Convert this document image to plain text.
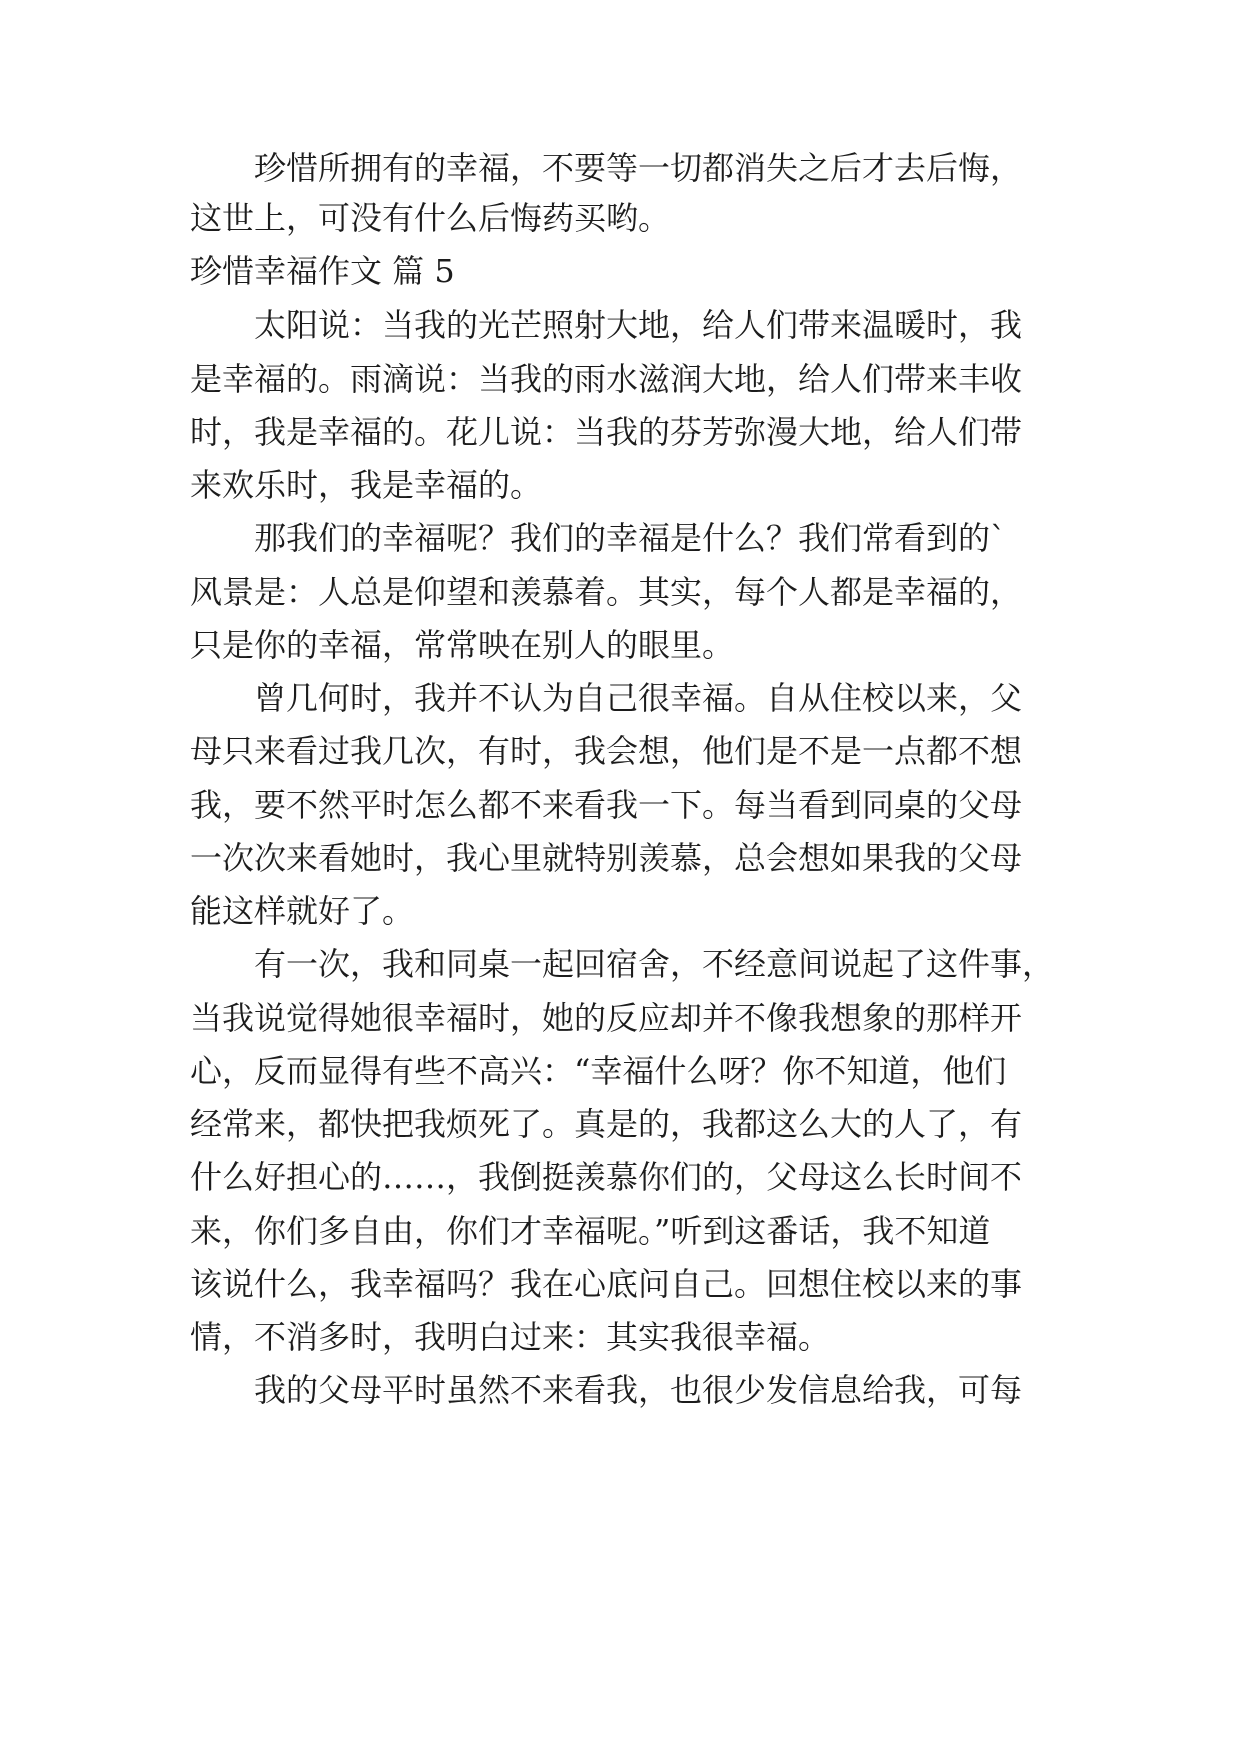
珍惜所拥有的幸福，不要等一切都消失之后才去后悔，
这世上，可没有什么后悔药买哟。
珍惜幸福作文 篇 5
太阳说：当我的光芒照射大地，给人们带来温暖时，我
是幸福的。雨滴说：当我的雨水滋润大地，给人们带来丰收
时，我是幸福的。花儿说：当我的芬芳弥漫大地，给人们带
来欢乐时，我是幸福的。
那我们的幸福呢？我们的幸福是什么？我们常看到的`
风景是：人总是仰望和羡慕着。其实，每个人都是幸福的，
只是你的幸福，常常映在别人的眼里。
曾几何时，我并不认为自己很幸福。自从住校以来，父
母只来看过我几次，有时，我会想，他们是不是一点都不想
我，要不然平时怎么都不来看我一下。每当看到同桌的父母
一次次来看她时，我心里就特别羡慕，总会想如果我的父母
能这样就好了。
有一次，我和同桌一起回宿舍，不经意间说起了这件事，
当我说觉得她很幸福时，她的反应却并不像我想象的那样开
心，反而显得有些不高兴：“幸福什么呀？你不知道，他们
经常来，都快把我烦死了。真是的，我都这么大的人了，有
什么好担心的……，我倒挺羡慕你们的，父母这么长时间不
来，你们多自由，你们才幸福呢。”听到这番话，我不知道
该说什么，我幸福吗？我在心底问自己。回想住校以来的事
情，不消多时，我明白过来：其实我很幸福。
我的父母平时虽然不来看我，也很少发信息给我，可每
